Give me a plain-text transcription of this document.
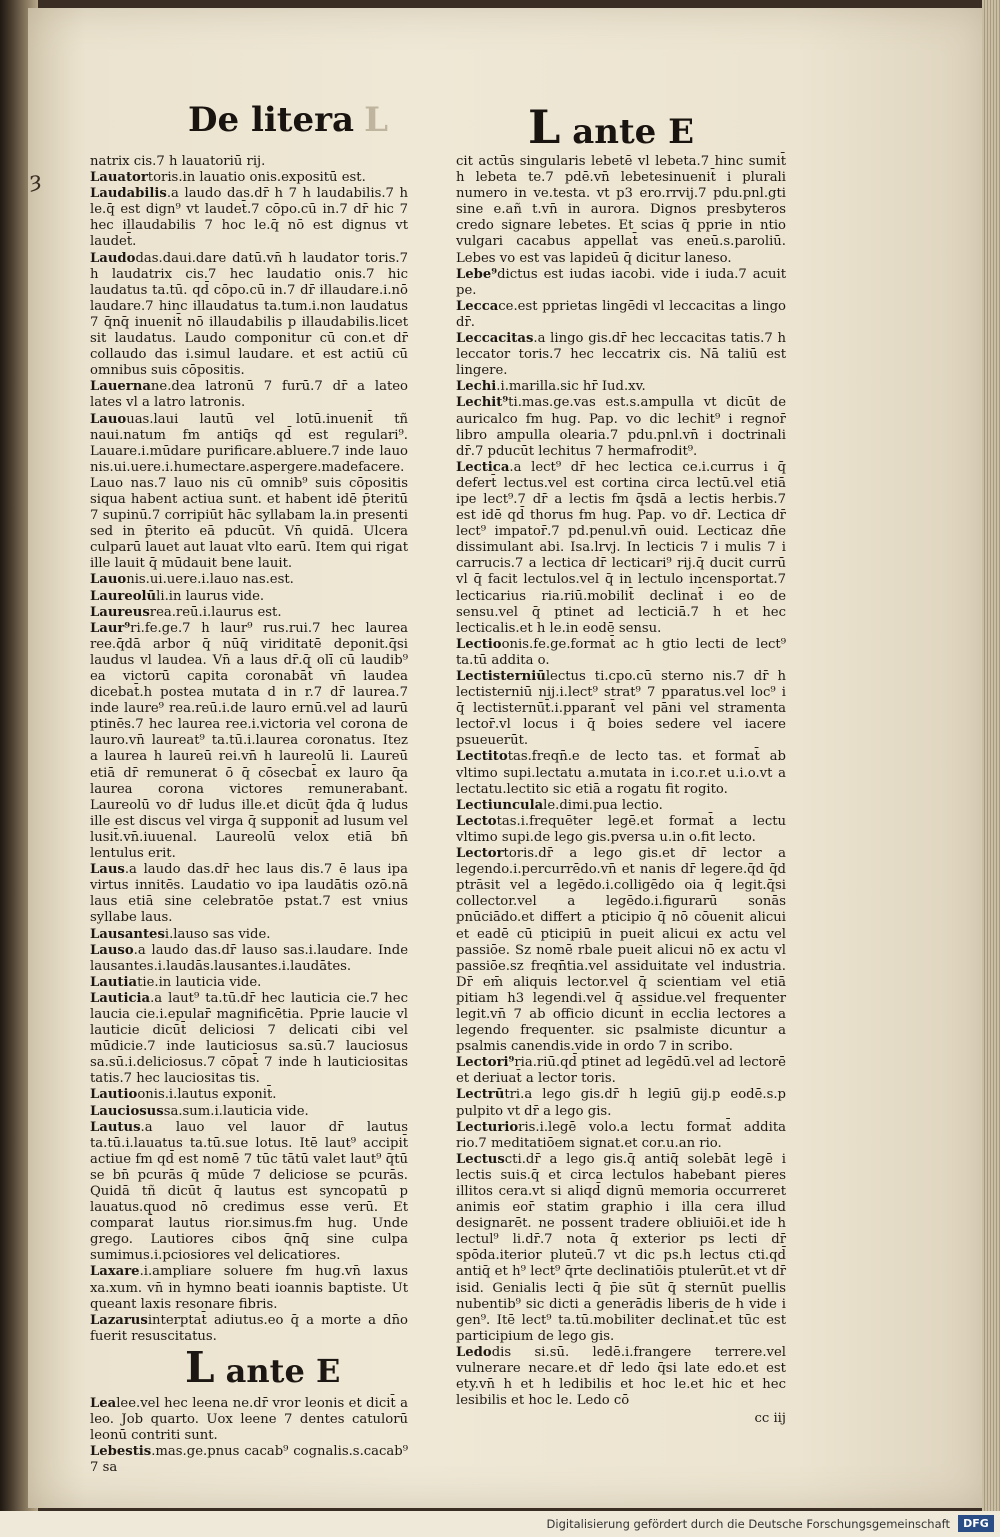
ȝ
De litera L	L ante E

natrix cis.7 h lauatoriū rij.

Lauatortoris.in lauatio onis.expositū est.

Laudabilis.a laudo das.dr̄ h 7 h laudabilis.7 h le.q̄ est dign⁹ vt laudet̄.7 cōpo.cū in.7 dr̄ hic 7 hec illaudabilis 7 hoc le.q̄ nō est dignus vt laudet̄.

Laudodas.daui.dare datū.vn̄ h laudator toris.7 h laudatrix cis.7 hec laudatio onis.7 hic laudatus ta.tū. qd̄ cōpo.cū in.7 dr̄ illaudare.i.nō laudare.7 hinc illaudatus ta.tum.i.non laudatus 7 q̄nq̄ inuenit̄ nō illaudabilis p illaudabilis.licet sit laudatus. Laudo componitur cū con.et dr̄ collaudo das i.simul laudare. et est actiū cū omnibus suis cōpositis.

Lauernane.dea latronū 7 furū.7 dr̄ a lateo lates vl a latro latronis.

Lauouas.laui lautū vel lotū.inuenit̄ tñ naui.natum fm antiq̄s qd̄ est regulari⁹. Lauare.i.mūdare purificare.abluere.7 inde lauo nis.ui.uere.i.humectare.aspergere.madefacere. Lauo nas.7 lauo nis cū omnib⁹ suis cōpositis siqua habent actiua sunt. et habent idē p̄teritū 7 supinū.7 corripiūt hāc syllabam la.in presenti sed in p̄terito eā pducūt. Vn̄ quidā. Ulcera culparū lauet aut lauat vlto earū. Item qui rigat ille lauit q̄ mūdauit bene lauit.

Lauonis.ui.uere.i.lauo nas.est.

Laureolūli.in laurus vide.

Laureusrea.reū.i.laurus est.

Laur⁹ri.fe.ge.7 h laur⁹ rus.rui.7 hec laurea ree.q̄dā arbor q̄ nūq̄ viriditatē deponit.q̄si laudus vl laudea. Vn̄ a laus dr̄.q̄ olī cū laudib⁹ ea victorū capita coronabāt̄ vn̄ laudea dicebat̄.h postea mutata d in r.7 dr̄ laurea.7 inde laure⁹ rea.reū.i.de lauro ernū.vel ad laurū ptinēs.7 hec laurea ree.i.victoria vel corona de lauro.vn̄ laureat⁹ ta.tū.i.laurea coronatus. Itez a laurea h laureū rei.vn̄ h laureolū li. Laureū etiā dr̄ remunerat ō q̄ cōsecbat̄ ex lauro q̄a laurea corona victores remunerabant̄. Laureolū vo dr̄ ludus ille.et dicūt q̄da q̄ ludus ille est discus vel virga q̄ supponit̄ ad lusum vel lusit̄.vn̄.iuuenal. Laureolū velox etiā bn̄ lentulus erit.

Laus.a laudo das.dr̄ hec laus dis.7 ē laus ipa virtus innitēs. Laudatio vo ipa laudātis ozō.nā laus etiā sine celebratōe pstat.7 est vnius syllabe laus.

Lausantesi.lauso sas vide.

Lauso.a laudo das.dr̄ lauso sas.i.laudare. Inde lausantes.i.laudās.lausantes.i.laudātes.

Lautiatie.in lauticia vide.

Lauticia.a laut⁹ ta.tū.dr̄ hec lauticia cie.7 hec laucia cie.i.epular̄ magnificētia. Pprie laucie vl lauticie dicūt̄ deliciosi 7 delicati cibi vel mūdicie.7 inde lauticiosus sa.sū.7 lauciosus sa.sū.i.deliciosus.7 cōpat̄ 7 inde h lauticiositas tatis.7 hec lauciositas tis.

Lautioonis.i.lautus exponit̄.

Lauciosussa.sum.i.lauticia vide.

Lautus.a lauo vel lauor dr̄ lautus ta.tū.i.lauatus ta.tū.sue lotus. Itē laut⁹ accipit̄ actiue fm qd̄ est nomē 7 tūc tātū valet laut⁹ q̄tū se bn̄ pcurās q̄ mūde 7 deliciose se pcurās. Quidā tñ dicūt q̄ lautus est syncopatū p lauatus.quod nō credimus esse verū. Et comparat̄ lautus rior.simus.fm hug. Unde grego. Lautiores cibos q̄nq̄ sine culpa sumimus.i.pciosiores vel delicatiores.

Laxare.i.ampliare soluere fm hug.vn̄ laxus xa.xum. vn̄ in hymno beati ioannis baptiste. Ut queant laxis resonare fibris.

Lazarusinterptat̄ adiutus.eo q̄ a morte a dn̄o fuerit resuscitatus.

L ante E

Lealee.vel hec leena ne.dr̄ vror leonis et dicit̄ a leo. Job quarto. Uox leene 7 dentes catulorū leonū contriti sunt.

Lebestis.mas.ge.pnus cacab⁹ cognalis.s.cacab⁹ 7 sa

cit actūs singularis lebetē vl lebeta.7 hinc sumit̄ h lebeta te.7 pdē.vn̄ lebetesinuenit̄ i plurali numero in ve.testa. vt p3 ero.rrvij.7 pdu.pnl.gti sine e.añ t.vn̄ in aurora. Dignos presbyteros credo signare lebetes. Et scias q̄ pprie in ntio vulgari cacabus appellat̄ vas eneū.s.paroliū. Lebes vo est vas lapideū q̄ dicitur laneso.

Lebe⁹dictus est iudas iacobi. vide i iuda.7 acuit pe.

Leccace.est pprietas lingēdi vl leccacitas a lingo dr̄.

Leccacitas.a lingo gis.dr̄ hec leccacitas tatis.7 h leccator toris.7 hec leccatrix cis. Nā taliū est lingere.

Lechi.i.marilla.sic hr̄ Iud.xv.

Lechit⁹ti.mas.ge.vas est.s.ampulla vt dicūt de auricalco fm hug. Pap. vo dic lechit⁹ i regnor̄ libro ampulla olearia.7 pdu.pnl.vn̄ i doctrinali dr̄.7 pducūt lechitus 7 hermafrodit⁹.

Lectica.a lect⁹ dr̄ hec lectica ce.i.currus i q̄ defert̄ lectus.vel est cortina circa lectū.vel etiā ipe lect⁹.7 dr̄ a lectis fm q̄sdā a lectis herbis.7 est idē qd̄ thorus fm hug. Pap. vo dr̄. Lectica dr̄ lect⁹ impator̄.7 pd.penul.vn̄ ouid. Lecticaz dn̄e dissimulant abi. Isa.lrvj. In lecticis 7 i mulis 7 i carrucis.7 a lectica dr̄ lecticari⁹ rij.q̄ ducit currū vl q̄ facit lectulos.vel q̄ in lectulo incensportat.7 lecticarius ria.riū.mobilit̄ declinat̄ i eo de sensu.vel q̄ ptinet ad lecticiā.7 h et hec lecticalis.et h le.in eodē sensu.

Lectioonis.fe.ge.format̄ ac h gtio lecti de lect⁹ ta.tū addita o.

Lectisterniūlectus ti.cpo.cū sterno nis.7 dr̄ h lectisterniū nij.i.lect⁹ strat⁹ 7 pparatus.vel loc⁹ i q̄ lectisternūt̄.i.pparant̄ vel pāni vel stramenta lector̄.vl locus i q̄ boies sedere vel iacere psueuerūt.

Lectitotas.freqn̄.e de lecto tas. et format̄ ab vltimo supi.lectatu a.mutata in i.co.r.et u.i.o.vt a lectatu.lectito sic etiā a rogatu fit rogito.

Lectiunculale.dimi.pua lectio.

Lectotas.i.frequēter legē.et format̄ a lectu vltimo supi.de lego gis.pversa u.in o.fit lecto.

Lectortoris.dr̄ a lego gis.et dr̄ lector a legendo.i.percurrēdo.vn̄ et nanis dr̄ legere.q̄d q̄d ptrāsit vel a legēdo.i.colligēdo oia q̄ legit.q̄si collector.vel a legēdo.i.figurarū sonās pnūciādo.et differt a pticipio q̄ nō cōuenit alicui et eadē cū pticipiū in pueit alicui ex actu vel passiōe. Sz nomē rbale pueit alicui nō ex actu vl passiōe.sz freqn̄tia.vel assiduitate vel industria. Dr̄ em̄ aliquis lector.vel q̄ scientiam vel etiā pitiam h3 legendi.vel q̄ assidue.vel frequenter legit.vn̄ 7 ab officio dicunt̄ in ecclia lectores a legendo frequenter. sic psalmiste dicuntur a psalmis canendis.vide in ordo 7 in scribo.

Lectori⁹ria.riū.qd̄ ptinet ad legēdū.vel ad lectorē et deriuat̄ a lector toris.

Lectrūtri.a lego gis.dr̄ h legiū gij.p eodē.s.p pulpito vt dr̄ a lego gis.

Lecturioris.i.legē volo.a lectu format̄ addita rio.7 meditatiōem signat.et cor.u.an rio.

Lectuscti.dr̄ a lego gis.q̄ antiq̄ solebāt legē i lectis suis.q̄ et circa lectulos habebant pieres illitos cera.vt si aliqd̄ dignū memoria occurreret animis eor̄ statim graphio i illa cera illud designarēt. ne possent tradere obliuiōi.et ide h lectul⁹ li.dr̄.7 nota q̄ exterior ps lecti dr̄ spōda.iterior pluteū.7 vt dic ps.h lectus cti.qd̄ antiq̄ et h⁹ lect⁹ q̄rte declinatiōis ptulerūt.et vt dr̄ isid. Genialis lecti q̄ p̄ie sūt q̄ sternūt puellis nubentib⁹ sic dicti a generādis liberis de h vide i gen⁹. Itē lect⁹ ta.tū.mobiliter declinat̄.et tūc est participium de lego gis.

Ledodis si.sū. ledē.i.frangere terrere.vel vulnerare necare.et dr̄ ledo q̄si late edo.et est ety.vn̄ h et h ledibilis et hoc le.et hic et hec lesibilis et hoc le. Ledo cō

cc iij
Digitalisierung gefördert durch die Deutsche Forschungsgemeinschaft	DFG
